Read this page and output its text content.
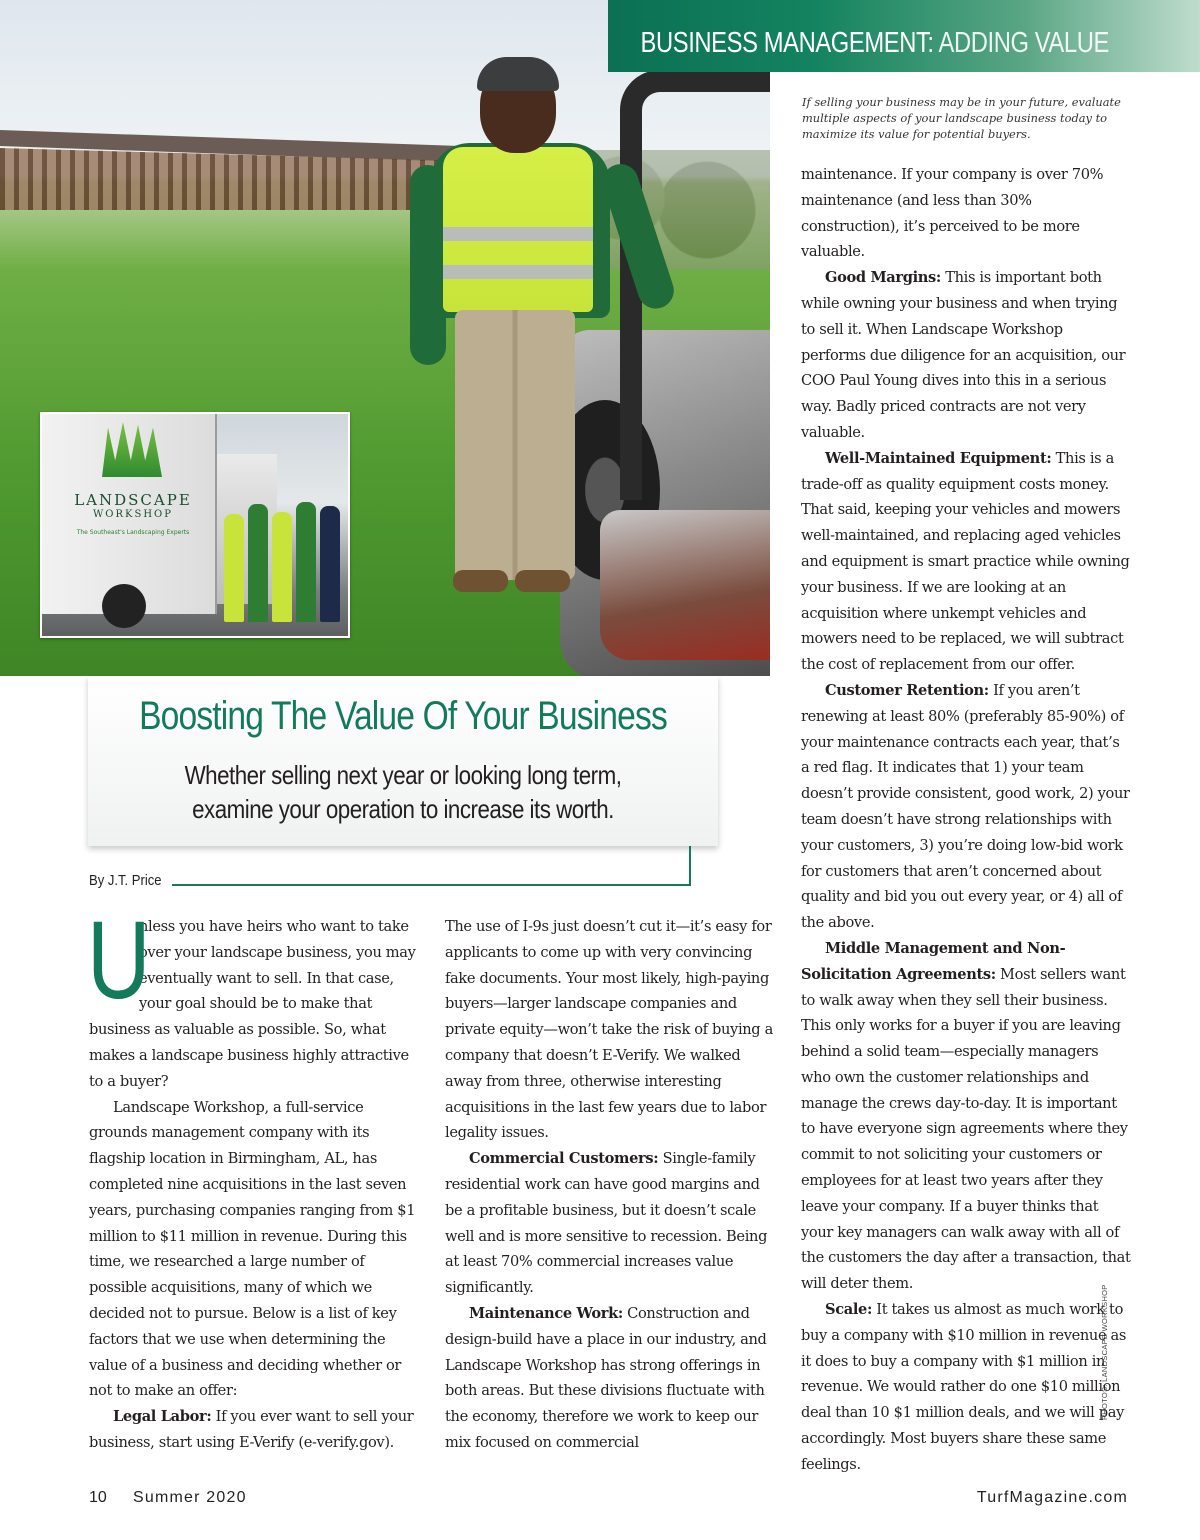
LANDSCAPE
WORKSHOP
The Southeast's Landscaping Experts
BUSINESS MANAGEMENT: ADDING VALUE
If selling your business may be in your future, evaluate multiple aspects of your landscape business today to maximize its value for potential buyers.
Boosting The Value Of Your Business
Whether selling next year or looking long term,
examine your operation to increase its worth.
By J.T. Price

U
nless you have heirs who want to take over your landscape business, you may eventually want to sell. In that case, your goal should be to make that business as valuable as possible. So, what makes a landscape business highly attractive to a buyer?

Landscape Workshop, a full-service grounds management company with its flagship location in Birmingham, AL, has completed nine acquisitions in the last seven years, purchasing companies ranging from $1 million to $11 million in revenue. During this time, we researched a large number of possible acquisitions, many of which we decided not to pursue. Below is a list of key factors that we use when determining the value of a business and deciding whether or not to make an offer:

Legal Labor: If you ever want to sell your business, start using E-Verify (e-verify.gov).

The use of I-9s just doesn’t cut it—it’s easy for applicants to come up with very convincing fake documents. Your most likely, high-paying buyers—larger landscape companies and private equity—won’t take the risk of buying a company that doesn’t E-Verify. We walked away from three, otherwise interesting acquisitions in the last few years due to labor legality issues.

Commercial Customers: Single-family residential work can have good margins and be a profitable business, but it doesn’t scale well and is more sensitive to recession. Being at least 70% commercial increases value significantly.

Maintenance Work: Construction and design-build have a place in our industry, and Landscape Workshop has strong offerings in both areas. But these divisions fluctuate with the economy, therefore we work to keep our mix focused on commercial

maintenance. If your company is over 70% maintenance (and less than 30% construction), it’s perceived to be more valuable.

Good Margins: This is important both while owning your business and when trying to sell it. When Landscape Workshop performs due diligence for an acquisition, our COO Paul Young dives into this in a serious way. Badly priced contracts are not very valuable.

Well-Maintained Equipment: This is a trade-off as quality equipment costs money. That said, keeping your vehicles and mowers well-maintained, and replacing aged vehicles and equipment is smart practice while owning your business. If we are looking at an acquisition where unkempt vehicles and mowers need to be replaced, we will subtract the cost of replacement from our offer.

Customer Retention: If you aren’t renewing at least 80% (preferably 85-90%) of your maintenance contracts each year, that’s a red flag. It indicates that 1) your team doesn’t provide consistent, good work, 2) your team doesn’t have strong relationships with your customers, 3) you’re doing low-bid work for customers that aren’t concerned about quality and bid you out every year, or 4) all of the above.

Middle Management and Non-Solicitation Agreements: Most sellers want to walk away when they sell their business. This only works for a buyer if you are leaving behind a solid team—especially managers who own the customer relationships and manage the crews day-to-day. It is important to have everyone sign agreements where they commit to not soliciting your customers or employees for at least two years after they leave your company. If a buyer thinks that your key managers can walk away with all of the customers the day after a transaction, that will deter them.

Scale: It takes us almost as much work to buy a company with $10 million in revenue as it does to buy a company with $1 million in revenue. We would rather do one $10 million deal than 10 $1 million deals, and we will pay accordingly. Most buyers share these same feelings.

10 Summer 2020	TurfMagazine.com
PHOTOS: LANDSCAPE WORKSHOP
